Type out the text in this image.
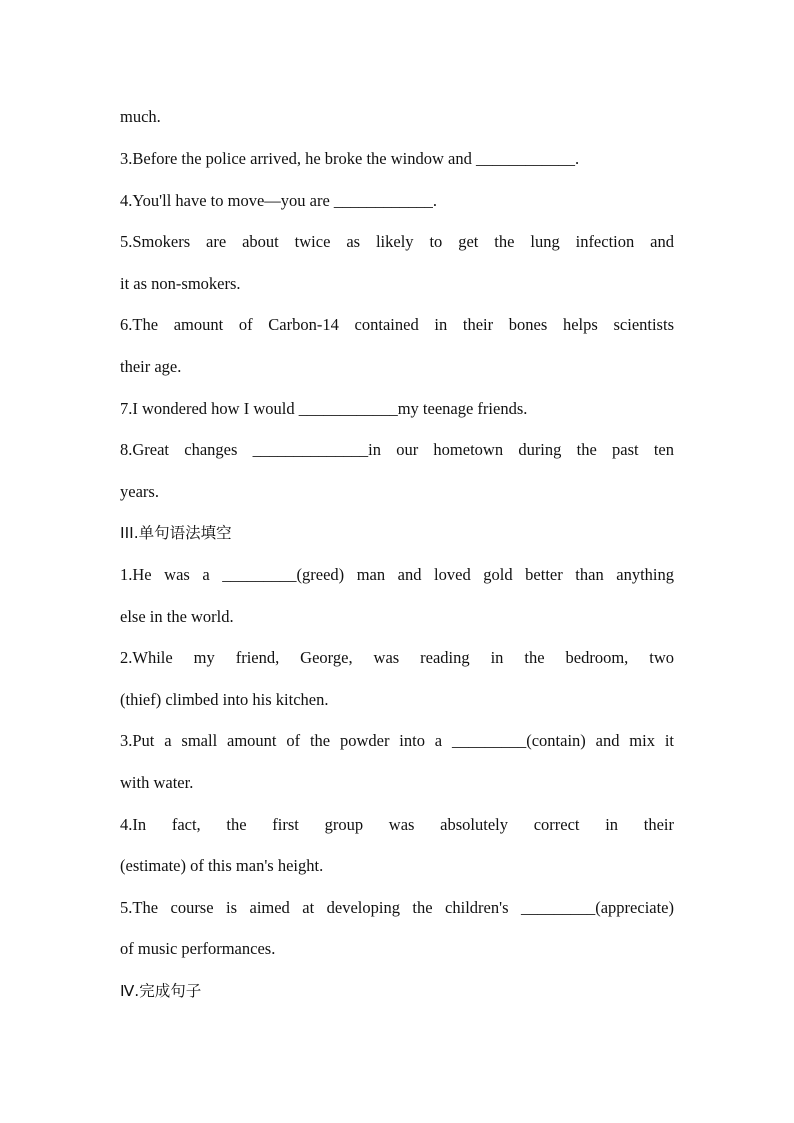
much.
3.Before the police arrived, he broke the window and ____________.
4.You'll have to move—you are ____________.
5.Smokers are about twice as likely to get the lung infection and
it as non-smokers.
6.The amount of Carbon-14 contained in their bones helps scientists
their age.
7.I wondered how I would ____________my teenage friends.
8.Great changes ______________in our hometown during the past ten
years.
III.单句语法填空
1.He was a _________(greed) man and loved gold better than anything
else in the world.
2.While my friend, George, was reading in the bedroom, two
(thief) climbed into his kitchen.
3.Put a small amount of the powder into a _________(contain) and mix it
with water.
4.In fact, the first group was absolutely correct in their
(estimate) of this man's height.
5.The course is aimed at developing the children's _________(appreciate)
of music performances.
Ⅳ.完成句子
